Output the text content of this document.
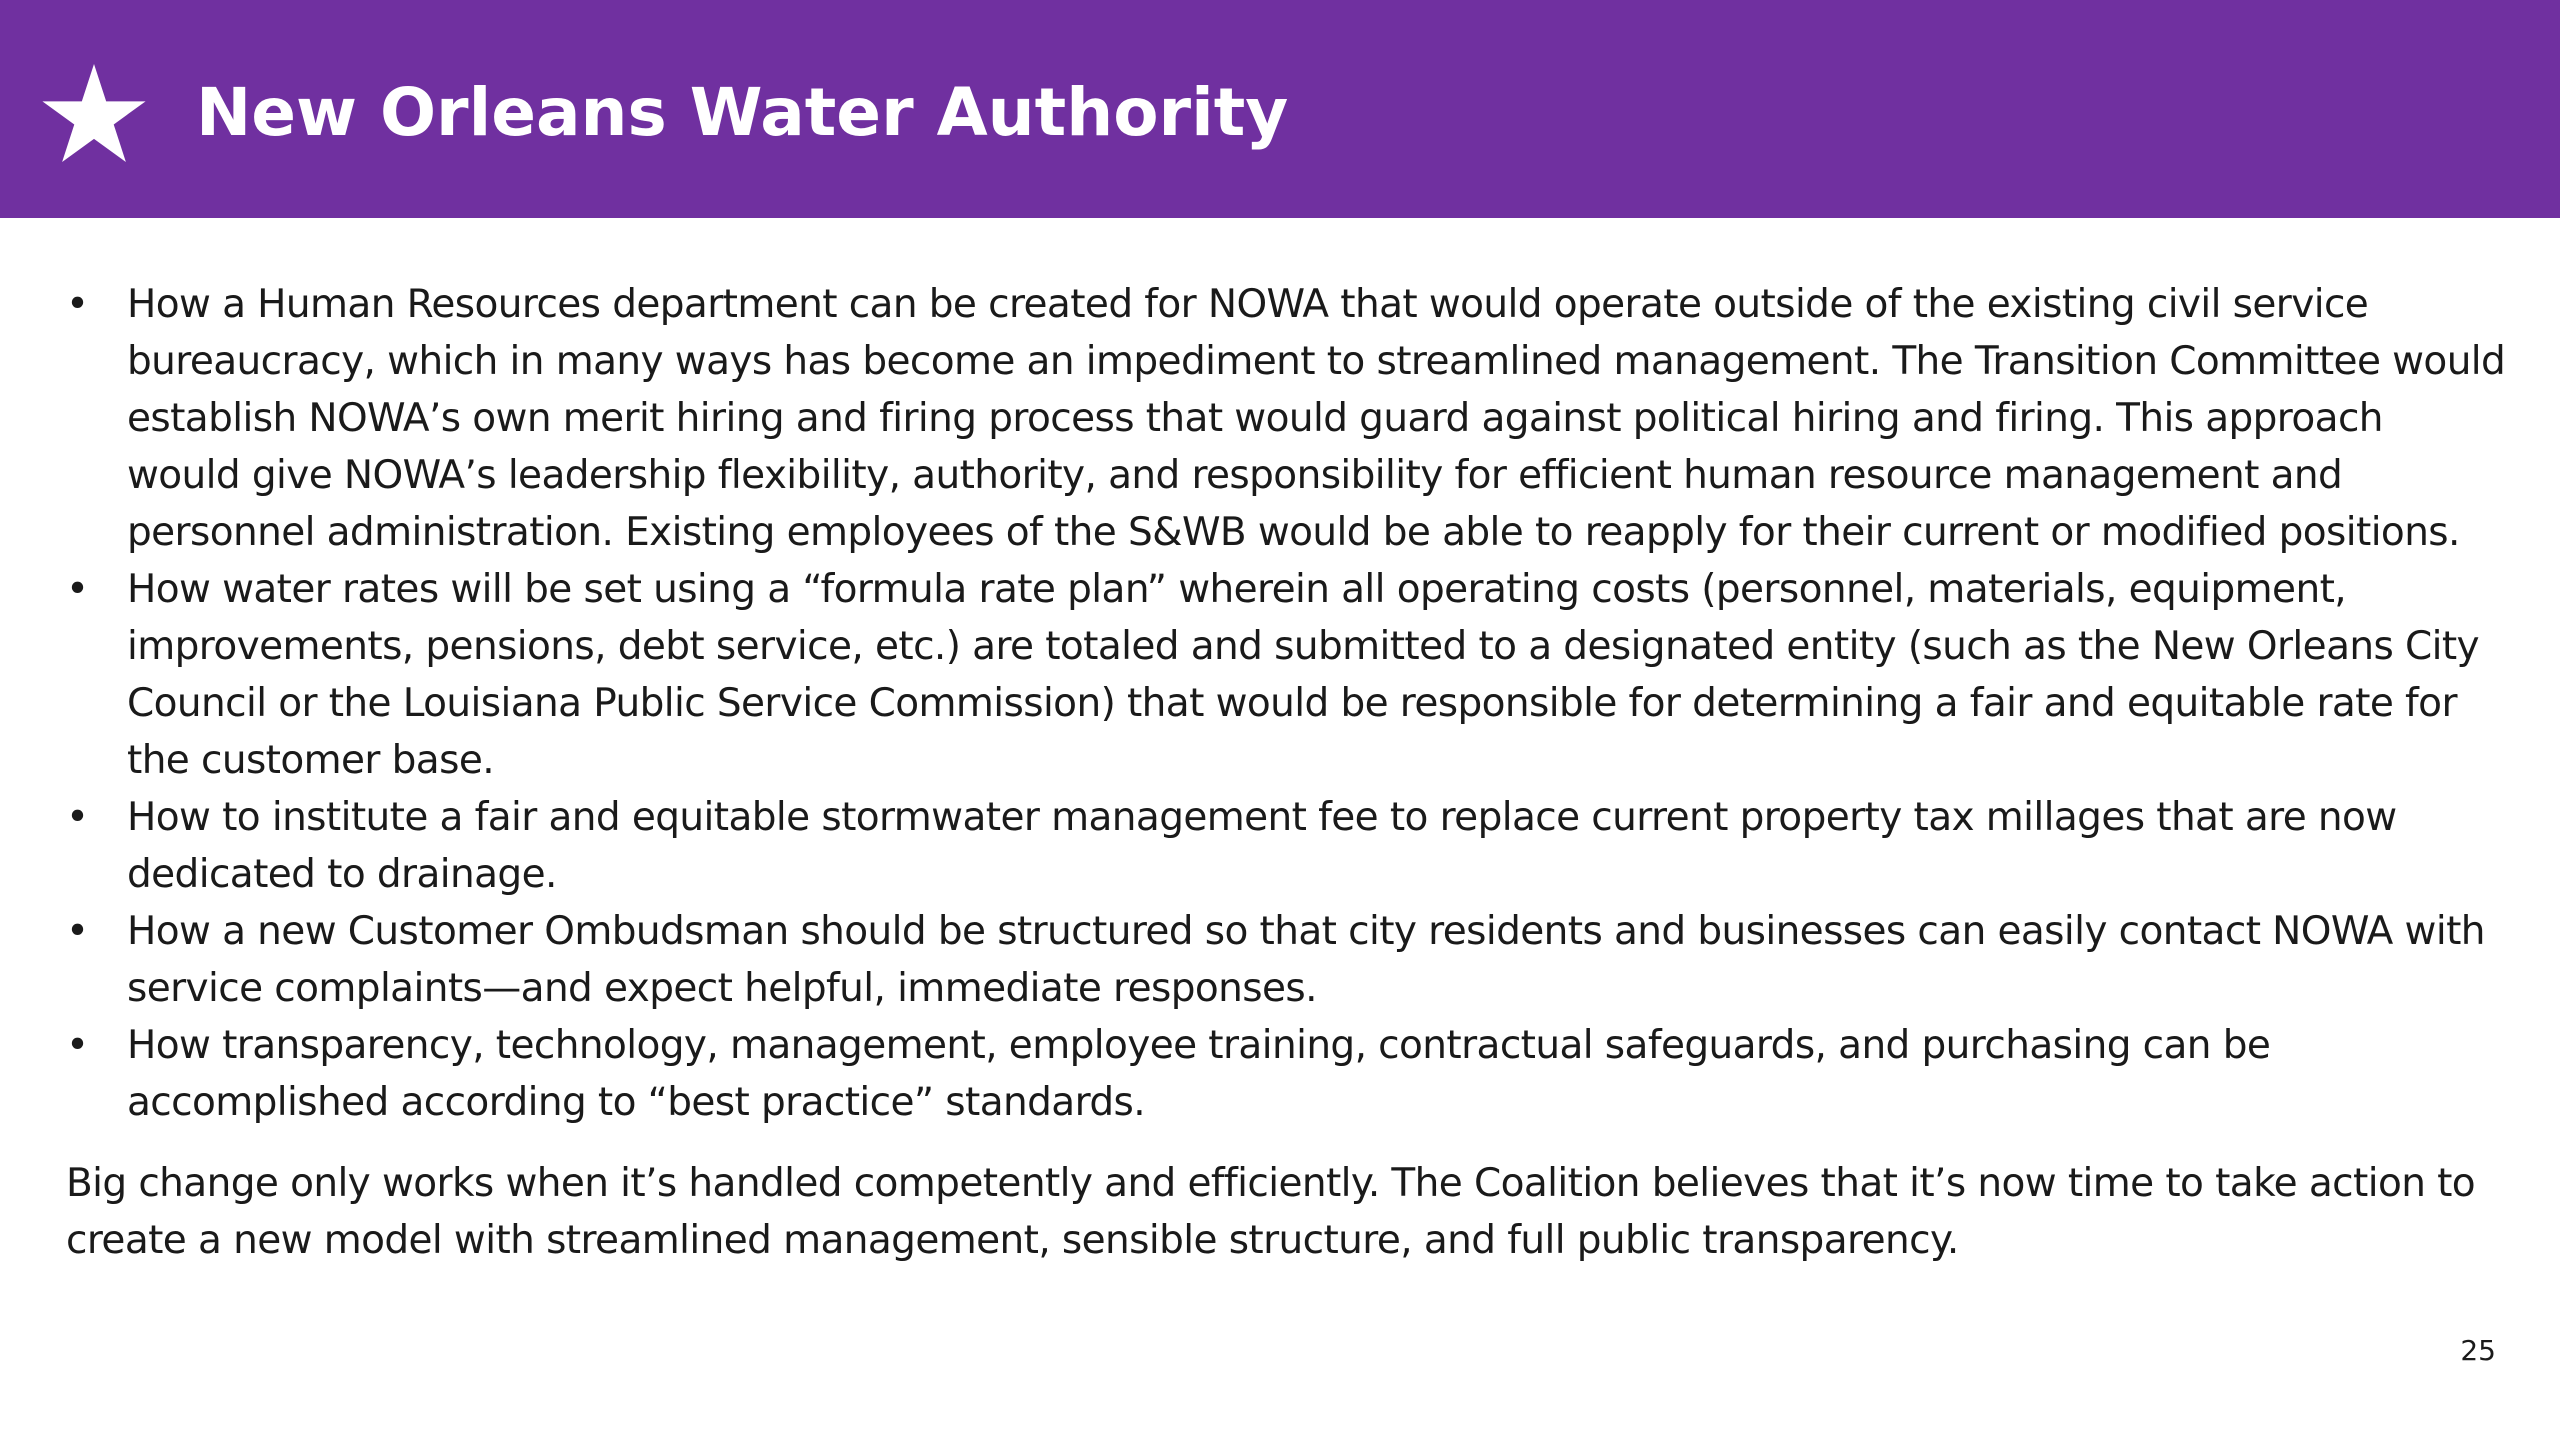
New Orleans Water Authority
• How a Human Resources department can be created for NOWA that would operate outside of the existing civil service bureaucracy, which in many ways has become an impediment to streamlined management. The Transition Committee would establish NOWA’s own merit hiring and firing process that would guard against political hiring and firing. This approach would give NOWA’s leadership flexibility, authority, and responsibility for efficient human resource management and personnel administration. Existing employees of the S&WB would be able to reapply for their current or modified positions.
• How water rates will be set using a “formula rate plan” wherein all operating costs (personnel, materials, equipment, improvements, pensions, debt service, etc.) are totaled and submitted to a designated entity (such as the New Orleans City Council or the Louisiana Public Service Commission) that would be responsible for determining a fair and equitable rate for the customer base.
• How to institute a fair and equitable stormwater management fee to replace current property tax millages that are now dedicated to drainage.
• How a new Customer Ombudsman should be structured so that city residents and businesses can easily contact NOWA with service complaints—and expect helpful, immediate responses.
• How transparency, technology, management, employee training, contractual safeguards, and purchasing can be accomplished according to “best practice” standards.

Big change only works when it’s handled competently and efficiently. The Coalition believes that it’s now time to take action to create a new model with streamlined management, sensible structure, and full public transparency.

25
